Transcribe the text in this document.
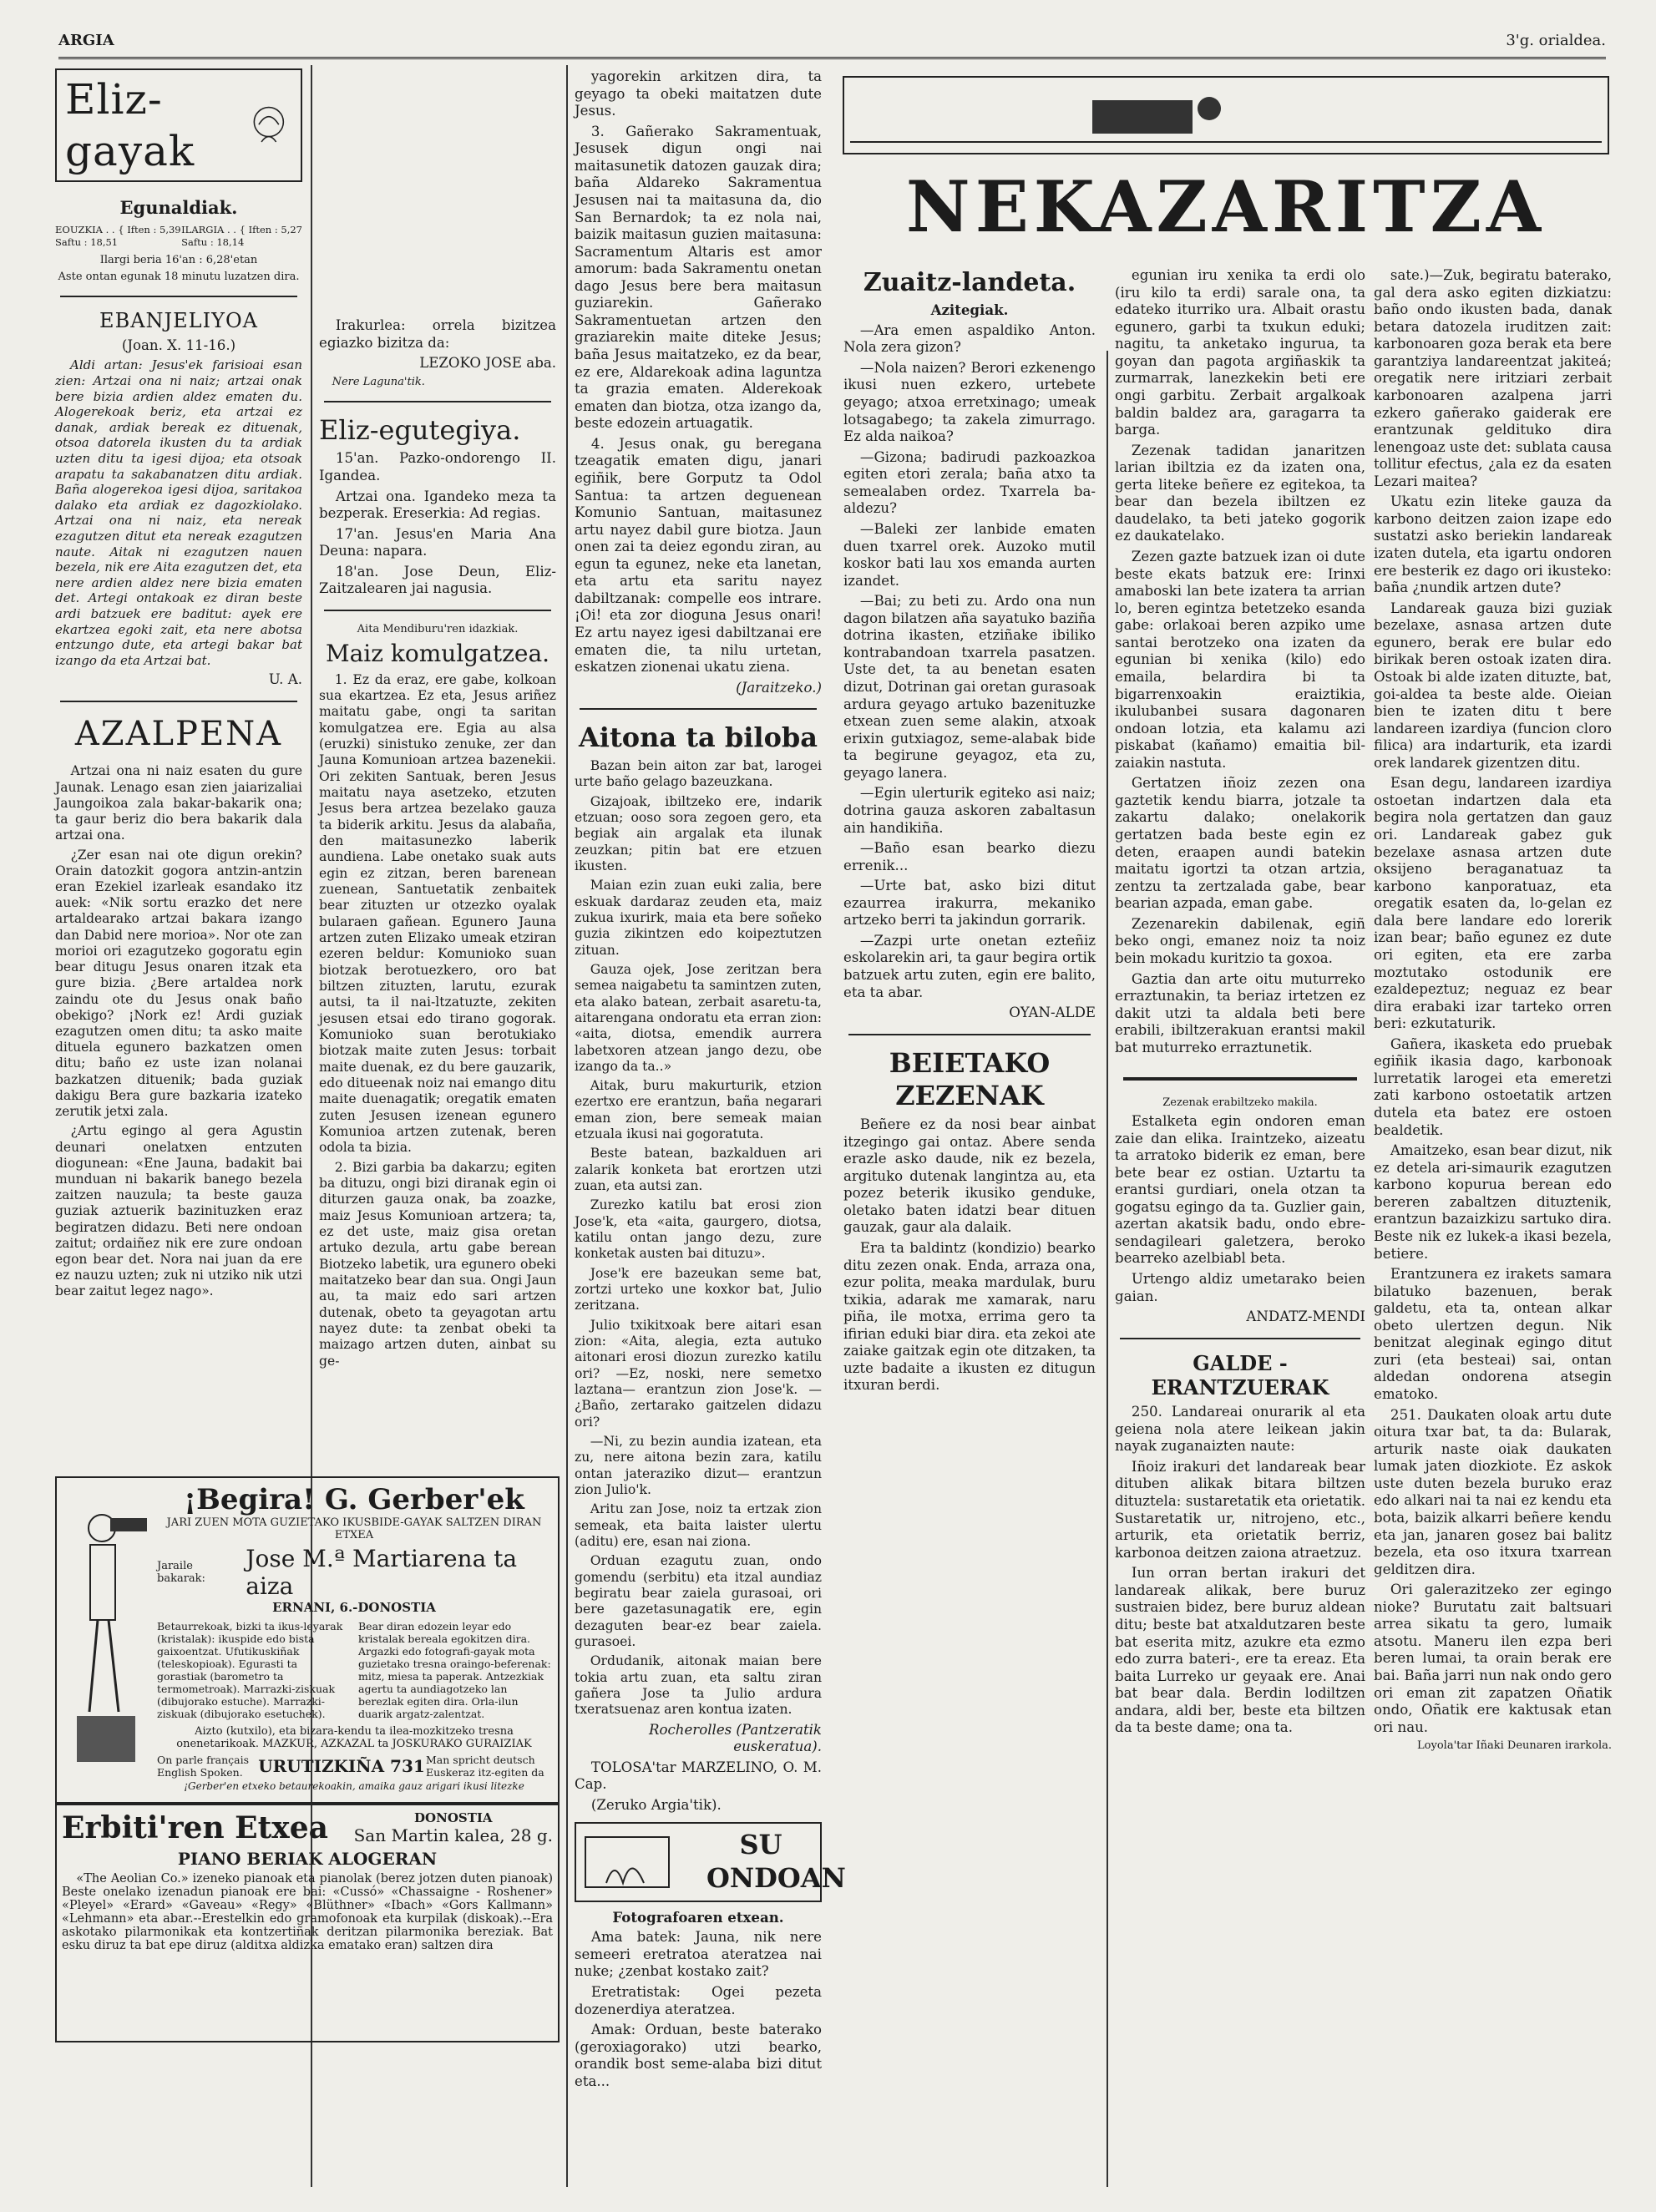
ARGIA	3'g. orialdea.
Eliz-gayak

Egunaldiak.

EOUZKIA . . { Iften : 5,39
Saftu : 18,51
ILARGIA . . { Iften : 5,27
Saftu : 18,14

Ilargi beria 16'an : 6,28'etan

Aste ontan egunak 18 minutu luzatzen dira.

EBANJELIYOA

(Joan. X. 11-16.)

Aldi artan: Jesus'ek farisioai esan zien: Artzai ona ni naiz; artzai onak bere bizia ardien aldez ematen du. Alogerekoak beriz, eta artzai ez danak, ardiak bereak ez dituenak, otsoa datorela ikusten du ta ardiak uzten ditu ta igesi dijoa; eta otsoak arapatu ta sakabanatzen ditu ardiak. Baña alogerekoa igesi dijoa, saritakoa dalako eta ardiak ez dagozkiolako. Artzai ona ni naiz, eta nereak ezagutzen ditut eta nereak ezagutzen naute. Aitak ni ezagutzen nauen bezela, nik ere Aita ezagutzen det, eta nere ardien aldez nere bizia ematen det. Artegi ontakoak ez diran beste ardi batzuek ere baditut: ayek ere ekartzea egoki zait, eta nere abotsa entzungo dute, eta artegi bakar bat izango da eta Artzai bat.

U. A.

AZALPENA

Artzai ona ni naiz esaten du gure Jaunak. Lenago esan zien jaiarizaliai Jaungoikoa zala bakar-bakarik ona; ta gaur beriz dio bera bakarik dala artzai ona.

¿Zer esan nai ote digun orekin? Orain datozkit gogora antzin-antzin eran Ezekiel izarleak esandako itz auek: «Nik sortu erazko det nere artaldearako artzai bakara izango dan Dabid nere morioa». Nor ote zan morioi ori ezagutzeko gogoratu egin bear ditugu Jesus onaren itzak eta gure bizia. ¿Bere artaldea nork zaindu ote du Jesus onak baño obekigo? ¡Nork ez! Ardi guziak ezagutzen omen ditu; ta asko maite dituela egunero bazkatzen omen ditu; baño ez uste izan nolanai bazkatzen dituenik; bada guziak dakigu Bera gure bazkaria izateko zerutik jetxi zala.

¿Artu egingo al gera Agustin deunari onelatxen entzuten diogunean: «Ene Jauna, badakit bai munduan ni bakarik banego bezela zaitzen nauzula; ta beste gauza guziak aztuerik bazinituzken eraz begiratzen didazu. Beti nere ondoan zaitut; ordaiñez nik ere zure ondoan egon bear det. Nora nai juan da ere ez nauzu uzten; zuk ni utziko nik utzi bear zaitut legez nago».

¡Begira! G. Gerber'ek
JARI ZUEN MOTA GUZIETAKO IKUSBIDE-GAYAK SALTZEN DIRAN ETXEA
Jaraile bakarak:
Jose M.ª Martiarena ta aiza
ERNANI, 6.-DONOSTIA
Betaurrekoak, bizki ta ikus-leyarak (kristalak): ikuspide edo bista gaixoentzat. Ufutikuskiñak (teleskopioak). Egurasti ta gorastiak (barometro ta termometroak). Marrazki-ziskuak (dibujorako estuche). Marrazki-ziskuak (dibujorako esetuchek).
Bear diran edozein leyar edo kristalak bereala egokitzen dira. Argazki edo fotografi-gayak mota guzietako tresna oraingo-beferenak: mitz, miesa ta paperak. Antzezkiak agertu ta aundiagotzeko lan berezlak egiten dira. Orla-ilun duarik argatz-zalentzat.
Aizto (kutxilo), eta bizara-kendu ta ilea-mozkitzeko tresna onenetarikoak. MAZKUR, AZKAZAL ta JOSKURAKO GURAIZIAK
On parle français English Spoken. URUTIZKIÑA 731 Man spricht deutsch Euskeraz itz-egiten da
¡Gerber'en etxeko betaurekoakin, amaika gauz arigari ikusi litezke
Erbiti'ren Etxea	DONOSTIA
San Martin kalea, 28 g.
PIANO BERIAK ALOGERAN

«The Aeolian Co.» izeneko pianoak eta pianolak (berez jotzen duten pianoak) Beste onelako izenadun pianoak ere bai: «Cussó» «Chassaigne - Roshener» «Pleyel» «Erard» «Gaveau» «Regy» «Blüthner» «Ibach» «Gors Kallmann» «Lehmann» eta abar.--Erestelkin edo gramofonoak eta kurpilak (diskoak).--Era askotako pilarmonikak eta kontzertiñak deritzan pilarmonika bereziak. Bat esku diruz ta bat epe diruz (alditxa aldizka ematako eran) saltzen dira

Irakurlea: orrela bizitzea egiazko bizitza da:

LEZOKO JOSE aba.

Nere Laguna'tik.

Eliz-egutegiya.

15'an. Pazko-ondorengo II. Igandea.

Artzai ona. Igandeko meza ta bezperak. Ereserkia: Ad regias.

17'an. Jesus'en Maria Ana Deuna: napara.

18'an. Jose Deun, Eliz-Zaitzalearen jai nagusia.

Aita Mendiburu'ren idazkiak.

Maiz komulgatzea.

1. Ez da eraz, ere gabe, kolkoan sua ekartzea. Ez eta, Jesus ariñez maitatu gabe, ongi ta saritan komulgatzea ere. Egia au alsa (eruzki) sinistuko zenuke, zer dan Jauna Komunioan artzea bazenekii. Ori zekiten Santuak, beren Jesus maitatu naya asetzeko, etzuten Jesus bera artzea bezelako gauza ta biderik arkitu. Jesus da alabaña, den maitasunezko laberik aundiena. Labe onetako suak auts egin ez zitzan, beren barenean zuenean, Santuetatik zenbaitek bear zituzten ur otzezko oyalak bularaen gañean. Egunero Jauna artzen zuten Elizako umeak etziran ezeren beldur: Komunioko suan biotzak berotuezkero, oro bat biltzen zituzten, larutu, ezurak autsi, ta il nai-ltzatuzte, zekiten jesusen etsai edo tirano gogorak. Komunioko suan berotukiako biotzak maite zuten Jesus: torbait maite duenak, ez du bere gauzarik, edo ditueenak noiz nai emango ditu maite duenagatik; oregatik ematen zuten Jesusen izenean egunero Komunioa artzen zutenak, beren odola ta bizia.

2. Bizi garbia ba dakarzu; egiten ba dituzu, ongi bizi diranak egin oi diturzen gauza onak, ba zoazke, maiz Jesus Komunioan artzera; ta, ez det uste, maiz gisa oretan artuko dezula, artu gabe berean Biotzeko labetik, ura egunero obeki maitatzeko bear dan sua. Ongi Jaun au, ta maiz edo sari artzen dutenak, obeto ta geyagotan artu nayez dute: ta zenbat obeki ta maizago artzen duten, ainbat su ge-

yagorekin arkitzen dira, ta geyago ta obeki maitatzen dute Jesus.

3. Gañerako Sakramentuak, Jesusek digun ongi nai maitasunetik datozen gauzak dira; baña Aldareko Sakramentua Jesusen nai ta maitasuna da, dio San Bernardok; ta ez nola nai, baizik maitasun guzien maitasuna: Sacramentum Altaris est amor amorum: bada Sakramentu onetan dago Jesus bere bera maitasun guziarekin. Gañerako Sakramentuetan artzen den graziarekin maite diteke Jesus; baña Jesus maitatzeko, ez da bear, ez ere, Aldarekoak adina laguntza ta grazia ematen. Alderekoak ematen dan biotza, otza izango da, beste edozein artuagatik.

4. Jesus onak, gu beregana tzeagatik ematen digu, janari egiñik, bere Gorputz ta Odol Santua: ta artzen deguenean Komunio Santuan, maitasunez artu nayez dabil gure biotza. Jaun onen zai ta deiez egondu ziran, au egun ta egunez, neke eta lanetan, eta artu eta saritu nayez dabiltzanak: compelle eos intrare. ¡Oi! eta zor dioguna Jesus onari! Ez artu nayez igesi dabiltzanai ere ematen die, ta nilu urtetan, eskatzen zionenai ukatu ziena.

(Jaraitzeko.)

Aitona ta biloba

Bazan bein aiton zar bat, larogei urte baño gelago bazeuzkana.

Gizajoak, ibiltzeko ere, indarik etzuan; ooso sora zegoen gero, eta begiak ain argalak eta ilunak zeuzkan; pitin bat ere etzuen ikusten.

Maian ezin zuan euki zalia, bere eskuak dardaraz zeuden eta, maiz zukua ixurirk, maia eta bere soñeko guzia zikintzen edo koipeztutzen zituan.

Gauza ojek, Jose zeritzan bera semea naigabetu ta samintzen zuten, eta alako batean, zerbait asaretu-ta, aitarengana ondoratu eta erran zion: «aita, diotsa, emendik aurrera labetxoren atzean jango dezu, obe izango da ta..»

Aitak, buru makurturik, etzion ezertxo ere erantzun, baña negarari eman zion, bere semeak maian etzuala ikusi nai gogoratuta.

Beste batean, bazkalduen ari zalarik konketa bat erortzen utzi zuan, eta autsi zan.

Zurezko katilu bat erosi zion Jose'k, eta «aita, gaurgero, diotsa, katilu ontan jango dezu, zure konketak austen bai dituzu».

Jose'k ere bazeukan seme bat, zortzi urteko une koxkor bat, Julio zeritzana.

Julio txikitxoak bere aitari esan zion: «Aita, alegia, ezta autuko aitonari erosi diozun zurezko katilu ori? —Ez, noski, nere semetxo laztana— erantzun zion Jose'k. —¿Baño, zertarako gaitzelen didazu ori?

—Ni, zu bezin aundia izatean, eta zu, nere aitona bezin zara, katilu ontan jateraziko dizut— erantzun zion Julio'k.

Aritu zan Jose, noiz ta ertzak zion semeak, eta baita laister ulertu (aditu) ere, esan nai ziona.

Orduan ezagutu zuan, ondo gomendu (serbitu) eta itzal aundiaz begiratu bear zaiela gurasoai, ori bere gazetasunagatik ere, egin dezaguten bear-ez bear zaiela. gurasoei.

Ordudanik, aitonak maian bere tokia artu zuan, eta saltu ziran gañera Jose ta Julio ardura txeratsuenaz aren kontua izaten.

Rocherolles (Pantzeratik euskeratua).

TOLOSA'tar MARZELINO, O. M. Cap.

(Zeruko Argia'tik).

SU ONDOAN

Fotografoaren etxean.

Ama batek: Jauna, nik nere semeeri eretratoa ateratzea nai nuke; ¿zenbat kostako zait?

Eretratistak: Ogei pezeta dozenerdiya ateratzea.

Amak: Orduan, beste baterako (geroxiagorako) utzi bearko, orandik bost seme-alaba bizi ditut eta...

NEKAZARITZA

Zuaitz-landeta.

Azitegiak.

—Ara emen aspaldiko Anton. Nola zera gizon?

—Nola naizen? Berori ezkenengo ikusi nuen ezkero, urtebete geyago; atxoa erretxinago; umeak lotsagabego; ta zakela zimurrago. Ez alda naikoa?

—Gizona; badirudi pazkoazkoa egiten etori zerala; baña atxo ta semealaben ordez. Txarrela ba-aldezu?

—Baleki zer lanbide ematen duen txarrel orek. Auzoko mutil koskor bati lau xos emanda aurten izandet.

—Bai; zu beti zu. Ardo ona nun dagon bilatzen aña sayatuko baziña dotrina ikasten, etziñake ibiliko kontrabandoan txarrela pasatzen. Uste det, ta au benetan esaten dizut, Dotrinan gai oretan gurasoak ardura geyago artuko bazenituzke etxean zuen seme alakin, atxoak erixin gutxiagoz, seme-alabak bide ta begirune geyagoz, eta zu, geyago lanera.

—Egin ulerturik egiteko asi naiz; dotrina gauza askoren zabaltasun ain handikiña.

—Baño esan bearko diezu errenik...

—Urte bat, asko bizi ditut ezaurrea irakurra, mekaniko artzeko berri ta jakindun gorrarik.

—Zazpi urte onetan ezteñiz eskolarekin ari, ta gaur begira ortik batzuek artu zuten, egin ere balito, eta ta abar.

OYAN-ALDE

BEIETAKO ZEZENAK

Beñere ez da nosi bear ainbat itzegingo gai ontaz. Abere senda erazle asko daude, nik ez bezela, argituko dutenak langintza au, eta pozez beterik ikusiko genduke, oletako baten idatzi bear dituen gauzak, gaur ala dalaik.

Era ta baldintz (kondizio) bearko ditu zezen onak. Enda, arraza ona, ezur polita, meaka mardulak, buru txikia, adarak me xamarak, naru piña, ile motxa, errima gero ta ifirian eduki biar dira. eta zekoi ate zaiake gaitzak egin ote ditzaken, ta uzte badaite a ikusten ez ditugun itxuran berdi.

egunian iru xenika ta erdi olo (iru kilo ta erdi) sarale ona, ta edateko iturriko ura. Albait orastu egunero, garbi ta txukun eduki; nagitu, ta anketako ingurua, ta goyan dan pagota argiñaskik ta zurmarrak, lanezkekin beti ere ongi garbitu. Zerbait argalkoak baldin baldez ara, garagarra ta barga.

Zezenak tadidan janaritzen larian ibiltzia ez da izaten ona, gerta liteke beñere ez egitekoa, ta bear dan bezela ibiltzen ez daudelako, ta beti jateko gogorik ez daukatelako.

Zezen gazte batzuek izan oi dute beste ekats batzuk ere: Irinxi amaboski lan bete izatera ta arrian lo, beren egintza betetzeko esanda gabe: orlakoai beren azpiko ume santai berotzeko ona izaten da egunian bi xenika (kilo) edo emaila, belardira bi ta bigarrenxoakin eraiztikia, ikulubanbei susara dagonaren ondoan lotzia, eta kalamu azi piskabat (kañamo) emaitia bil-zaiakin nastuta.

Gertatzen iñoiz zezen ona gaztetik kendu biarra, jotzale ta zakartu dalako; onelakorik gertatzen bada beste egin ez deten, eraapen aundi batekin maitatu igortzi ta otzan artzia, zentzu ta zertzalada gabe, bear bearian azpada, eman gabe.

Zezenarekin dabilenak, egiñ beko ongi, emanez noiz ta noiz bein mokadu kuritzio ta goxoa.

Gaztia dan arte oitu muturreko erraztunakin, ta beriaz irtetzen ez dakit utzi ta aldala beti bere erabili, ibiltzerakuan erantsi makil bat muturreko erraztunetik.

Zezenak erabiltzeko makila.

Estalketa egin ondoren eman zaie dan elika. Iraintzeko, aizeatu ta arratoko biderik ez eman, bere bete bear ez ostian. Uztartu ta erantsi gurdiari, onela otzan ta gogatsu egingo da ta. Guzlier gain, azertan akatsik badu, ondo ebre-sendagileari galetzera, beroko bearreko azelbiabl beta.

Urtengo aldiz umetarako beien gaian.

ANDATZ-MENDI

GALDE - ERANTZUERAK

250. Landareai onurarik al eta geiena nola atere leikean jakin nayak zuganaizten naute:

Iñoiz irakuri det landareak bear dituben alikak bitara biltzen dituztela: sustaretatik eta orietatik. Sustaretatik ur, nitrojeno, etc., arturik, eta orietatik berriz, karbonoa deitzen zaiona atraetzuz.

Iun orran bertan irakuri det landareak alikak, bere buruz sustraien bidez, bere buruz aldean ditu; beste bat atxaldutzaren beste bat eserita mitz, azukre eta ezmo edo zurra bateri-, ere ta ereaz. Eta baita Lurreko ur geyaak ere. Anai bat bear dala. Berdin lodiltzen andara, aldi ber, beste eta biltzen da ta beste dame; ona ta.

sate.)—Zuk, begiratu baterako, gal dera asko egiten dizkiatzu: baño ondo ikusten bada, danak betara datozela iruditzen zait: karbonoaren goza berak eta bere garantziya landareentzat jakiteá; oregatik nere iritziari zerbait karbonoaren azalpena jarri ezkero gañerako gaiderak ere erantzunak geldituko dira lenengoaz uste det: sublata causa tollitur efectus, ¿ala ez da esaten Lezari maitea?

Ukatu ezin liteke gauza da karbono deitzen zaion izape edo sustatzi asko beriekin landareak izaten dutela, eta igartu ondoren ere besterik ez dago ori ikusteko: baña ¿nundik artzen dute?

Landareak gauza bizi guziak bezelaxe, asnasa artzen dute egunero, berak ere bular edo birikak beren ostoak izaten dira. Ostoak bi alde izaten dituzte, bat, goi-aldea ta beste alde. Oieian bien te izaten ditu t bere landareen izardiya (funcion cloro filica) ara indarturik, eta izardi orek landarek gizentzen ditu.

Esan degu, landareen izardiya ostoetan indartzen dala eta begira nola gertatzen dan gauz ori. Landareak gabez guk bezelaxe asnasa artzen dute oksijeno beraganatuaz ta karbono kanporatuaz, eta oregatik esaten da, lo-gelan ez dala bere landare edo lorerik izan bear; baño egunez ez dute ori egiten, eta ere zarba moztutako ostodunik ere ezaldepeztuz; neguaz ez bear dira erabaki izar tarteko orren beri: ezkutaturik.

Gañera, ikasketa edo pruebak egiñik ikasia dago, karbonoak lurretatik larogei eta emeretzi zati karbono ostoetatik artzen dutela eta batez ere ostoen bealdetik.

Amaitzeko, esan bear dizut, nik ez detela ari-simaurik ezagutzen karbono kopurua berean edo bereren zabaltzen dituztenik, erantzun bazaizkizu sartuko dira. Beste nik ez lukek-a ikasi bezela, betiere.

Erantzunera ez irakets samara bilatuko bazenuen, berak galdetu, eta ta, ontean alkar obeto ulertzen degun. Nik benitzat aleginak egingo ditut zuri (eta besteai) sai, ontan aldedan ondorena atsegin ematoko.

251. Daukaten oloak artu dute oitura txar bat, ta da: Bularak, arturik naste oiak daukaten lumak jaten diozkiote. Ez askok uste duten bezela buruko eraz edo alkari nai ta nai ez kendu eta bota, baizik alkarri beñere kendu eta jan, janaren gosez bai balitz bezela, eta oso itxura txarrean gelditzen dira.

Ori galerazitzeko zer egingo nioke? Burutatu zait baltsuari arrea sikatu ta gero, lumaik atsotu. Maneru ilen ezpa beri beren lumai, ta orain berak ere bai. Baña jarri nun nak ondo gero ori eman zit zapatzen Oñatik ondo, Oñatik ere kaktusak etan ori nau.

Loyola'tar Iñaki Deunaren irarkola.
